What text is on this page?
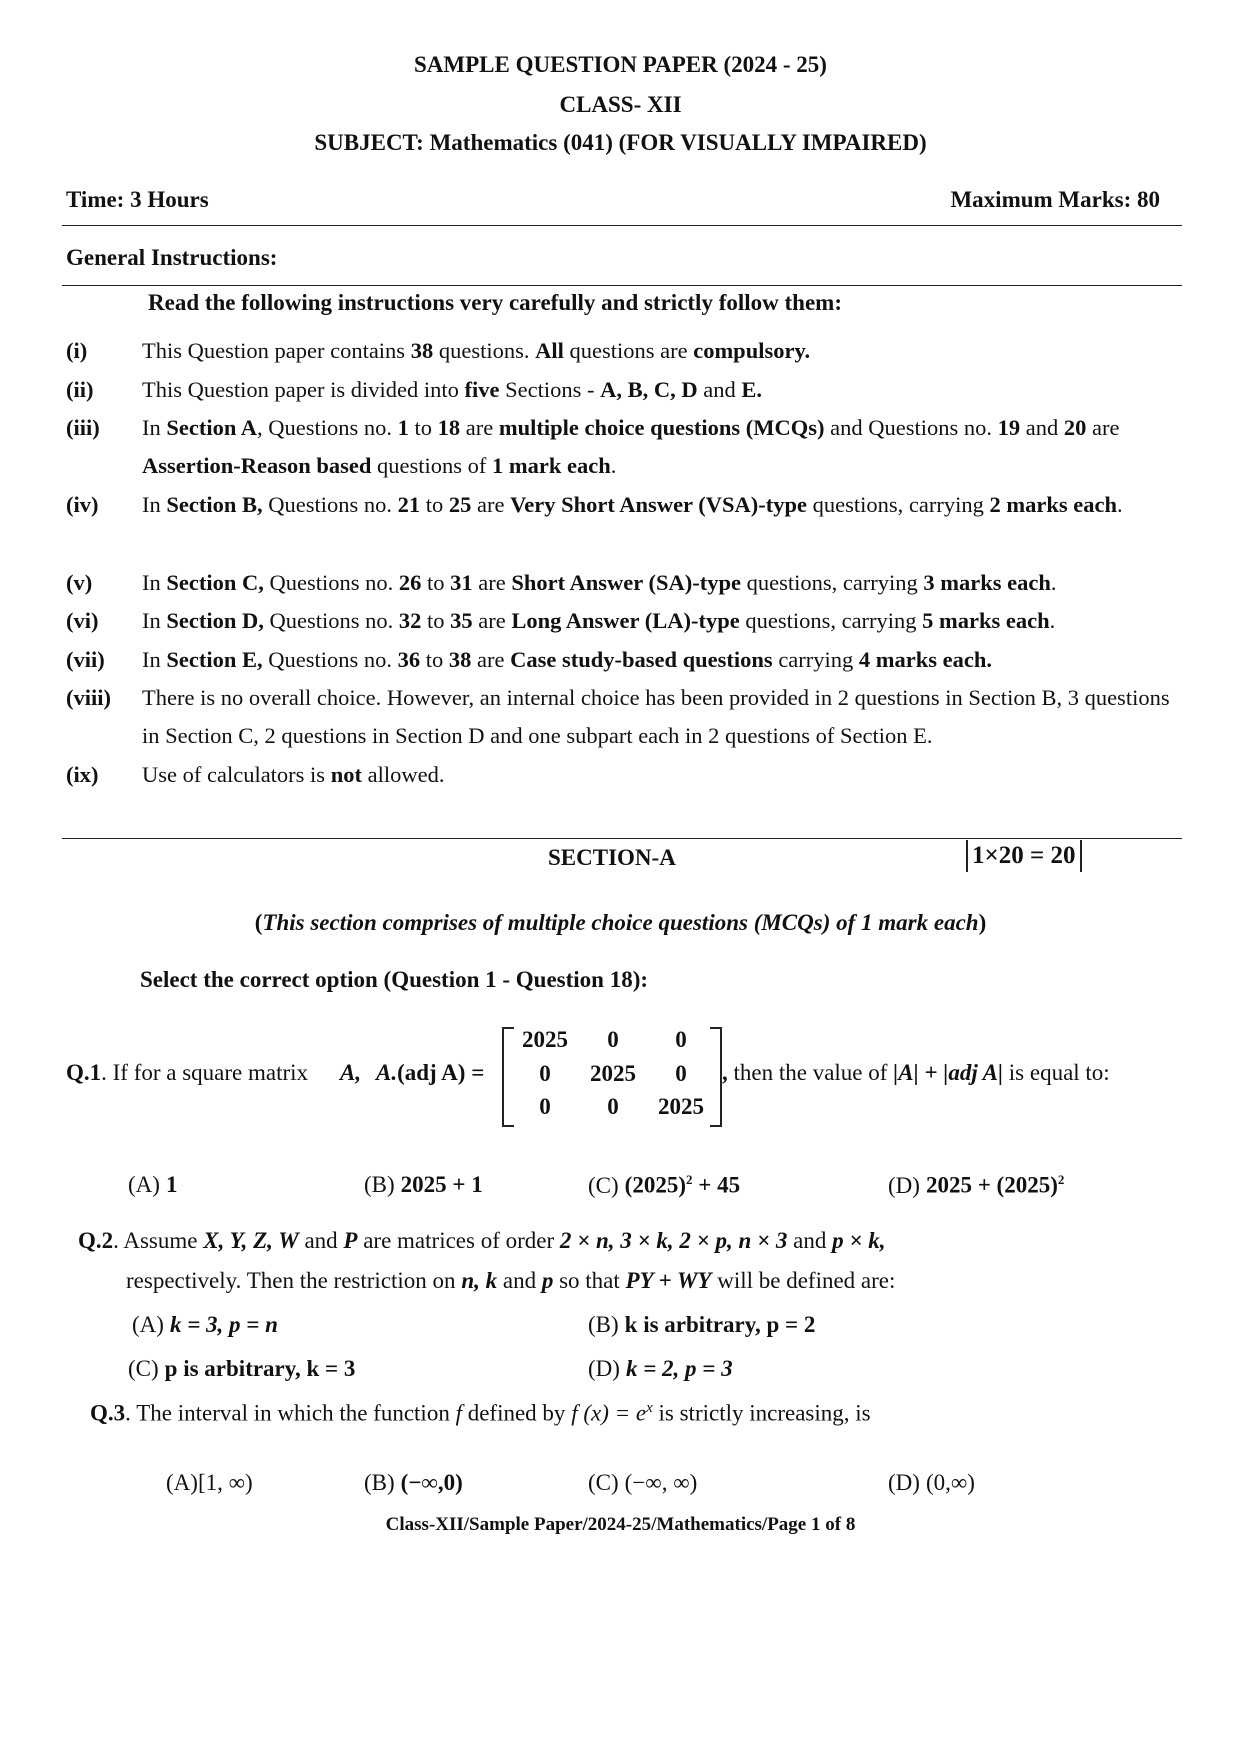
SAMPLE QUESTION PAPER (2024 - 25)
CLASS- XII
SUBJECT: Mathematics (041) (FOR VISUALLY IMPAIRED)
Time: 3 Hours	Maximum Marks: 80
General Instructions:
Read the following instructions very carefully and strictly follow them:
(i) This Question paper contains 38 questions. All questions are compulsory.
(ii) This Question paper is divided into five Sections - A, B, C, D and E.
(iii) In Section A, Questions no. 1 to 18 are multiple choice questions (MCQs) and Questions no. 19 and 20 are Assertion-Reason based questions of 1 mark each.
(iv) In Section B, Questions no. 21 to 25 are Very Short Answer (VSA)-type questions, carrying 2 marks each.
(v) In Section C, Questions no. 26 to 31 are Short Answer (SA)-type questions, carrying 3 marks each.
(vi) In Section D, Questions no. 32 to 35 are Long Answer (LA)-type questions, carrying 5 marks each.
(vii) In Section E, Questions no. 36 to 38 are Case study-based questions carrying 4 marks each.
(viii) There is no overall choice. However, an internal choice has been provided in 2 questions in Section B, 3 questions in Section C, 2 questions in Section D and one subpart each in 2 questions of Section E.
(ix) Use of calculators is not allowed.
SECTION-A	1×20 = 20
(This section comprises of multiple choice questions (MCQs) of 1 mark each)
Select the correct option (Question 1 - Question 18):
Q.1. If for a square matrix A, A.(adj A) =
2025	0	0
0	2025	0
0	0	2025
, then the value of |A| + |adj A| is equal to:
(A) 1	(B) 2025 + 1	(C) $(2025)^2 + 45$	(D) $2025 + (2025)^2$
Q.2. Assume X, Y, Z, W and P are matrices of order 2 × n, 3 × k, 2 × p, n × 3 and p × k,
respectively. Then the restriction on n, k and p so that PY + WY will be defined are:
(A) k = 3, p = n	(B) k is arbitrary, p = 2
(C) p is arbitrary, k = 3	(D) k = 2, p = 3
Q.3. The interval in which the function f defined by f $(x) = e^x$ is strictly increasing, is
(A)[1, ∞)	(B) (−∞,0)	(C) (−∞, ∞)	(D) (0,∞)
Class-XII/Sample Paper/2024-25/Mathematics/Page 1 of 8
